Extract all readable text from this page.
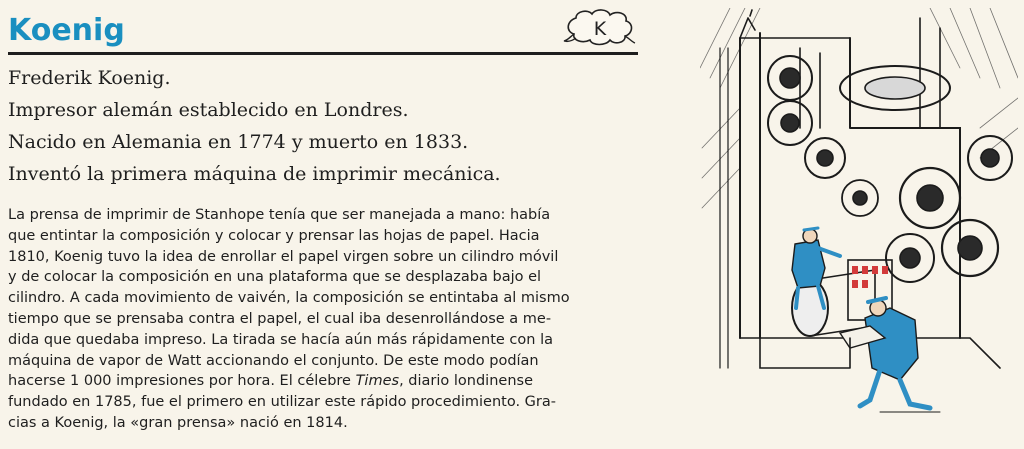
Koenig	K
Frederik Koenig.
Impresor alemán establecido en Londres.
Nacido en Alemania en 1774 y muerto en 1833.
Inventó la primera máquina de imprimir mecánica.
La prensa de imprimir de Stanhope tenía que ser manejada a mano: había
que entintar la composición y colocar y prensar las hojas de papel. Hacia
1810, Koenig tuvo la idea de enrollar el papel virgen sobre un cilindro móvil
y de colocar la composición en una plataforma que se desplazaba bajo el
cilindro. A cada movimiento de vaivén, la composición se entintaba al mismo
tiempo que se prensaba contra el papel, el cual iba desenrollándose a me-
dida que quedaba impreso. La tirada se hacía aún más rápidamente con la
máquina de vapor de Watt accionando el conjunto. De este modo podían
hacerse 1 000 impresiones por hora. El célebre Times, diario londinense
fundado en 1785, fue el primero en utilizar este rápido procedimiento. Gra-
cias a Koenig, la «gran prensa» nació en 1814.
